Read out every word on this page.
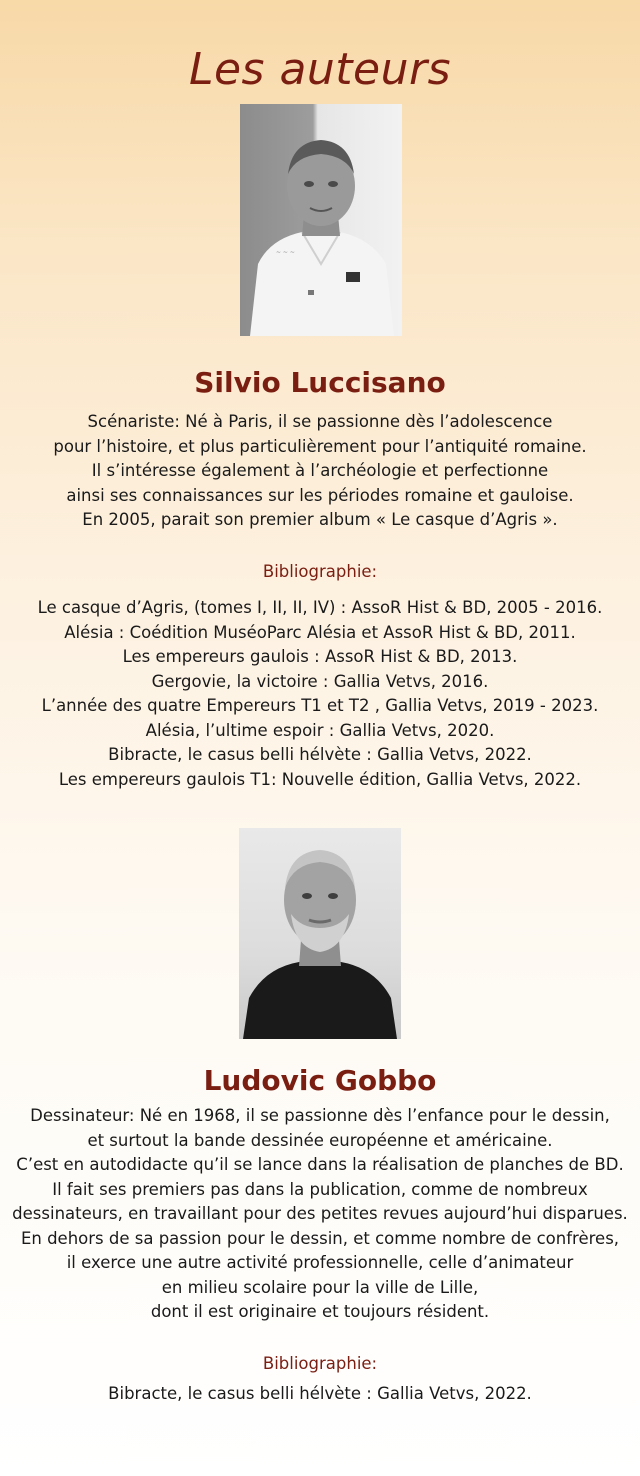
Les auteurs
~ ~ ~
Silvio Luccisano
Scénariste: Né à Paris, il se passionne dès l’adolescence
pour l’histoire, et plus particulièrement pour l’antiquité romaine.
Il s’intéresse également à l’archéologie et perfectionne
ainsi ses connaissances sur les périodes romaine et gauloise.
En 2005, parait son premier album « Le casque d’Agris ».
Bibliographie:
Le casque d’Agris, (tomes I, II, II, IV) : AssoR Hist & BD, 2005 - 2016.
Alésia : Coédition MuséoParc Alésia et AssoR Hist & BD, 2011.
Les empereurs gaulois : AssoR Hist & BD, 2013.
Gergovie, la victoire : Gallia Vetvs, 2016.
L’année des quatre Empereurs T1 et T2 , Gallia Vetvs, 2019 - 2023.
Alésia, l’ultime espoir : Gallia Vetvs, 2020.
Bibracte, le casus belli hélvète : Gallia Vetvs, 2022.
Les empereurs gaulois T1: Nouvelle édition, Gallia Vetvs, 2022.
Ludovic Gobbo
Dessinateur: Né en 1968, il se passionne dès l’enfance pour le dessin,
et surtout la bande dessinée européenne et américaine.
C’est en autodidacte qu’il se lance dans la réalisation de planches de BD.
Il fait ses premiers pas dans la publication, comme de nombreux
dessinateurs, en travaillant pour des petites revues aujourd’hui disparues.
En dehors de sa passion pour le dessin, et comme nombre de confrères,
il exerce une autre activité professionnelle, celle d’animateur
en milieu scolaire pour la ville de Lille,
dont il est originaire et toujours résident.
Bibliographie:
Bibracte, le casus belli hélvète : Gallia Vetvs, 2022.
